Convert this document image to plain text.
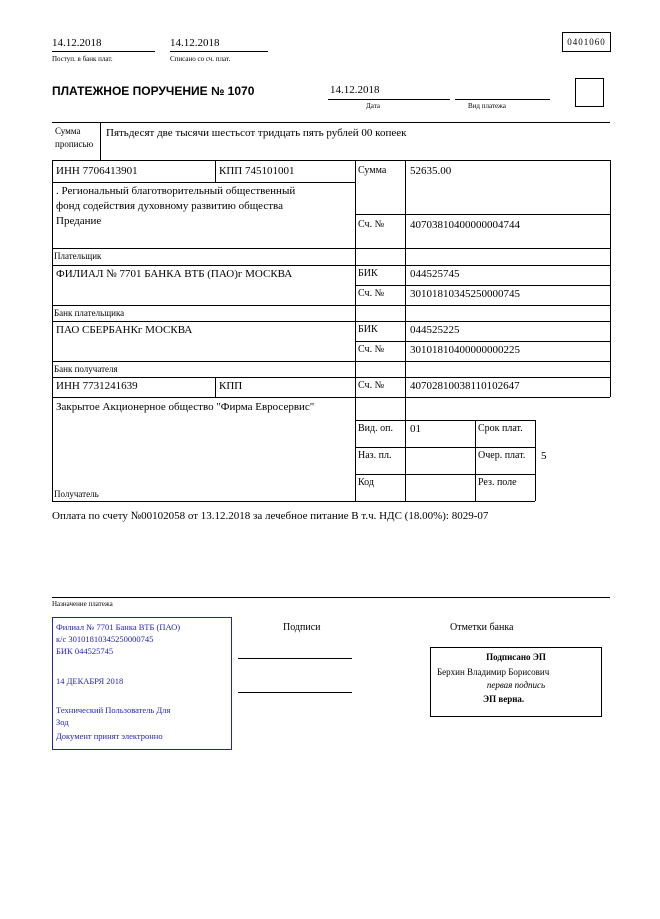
14.12.2018
Поступ. в банк плат.
14.12.2018
Списано со сч. плат.
0401060
ПЛАТЕЖНОЕ ПОРУЧЕНИЕ № 1070	14.12.2018
Дата	Вид платежа
Сумма
прописью
Пятьдесят две тысячи шестьсот тридцать пять рублей 00 копеек
ИНН 7706413901	КПП 745101001	Сумма 52635.00
. Региональный благотворительный общественный фонд содействия духовному развитию общества Предание	Сч. № 40703810400000004744
Плательщик
ФИЛИАЛ № 7701 БАНКА ВТБ (ПАО)г МОСКВА	БИК	044525745
Сч. № 30101810345250000745
Банк плательщика
ПАО СБЕРБАНКг МОСКВА	БИК	044525225
Сч. № 30101810400000000225
Банк получателя
ИНН 7731241639	КПП	Сч. № 40702810038110102647
Закрытое Акционерное общество "Фирма Евросервис"
Вид. оп. 01	Срок плат.
Наз. пл.	Очер. плат. 5
Код	Рез. поле
Получатель
Оплата по счету №00102058 от 13.12.2018 за лечебное питание В т.ч. НДС (18.00%): 8029-07
Назначение платежа
Филиал № 7701 Банка ВТБ (ПАО)
к/с 30101810345250000745
БИК 044525745
14 ДЕКАБРЯ 2018
Технический Пользователь Для
Зод
Документ принят электронно
Подписи	Отметки банка
Подписано ЭП
Берхин Владимир Борисович
первая подпись
ЭП верна.
